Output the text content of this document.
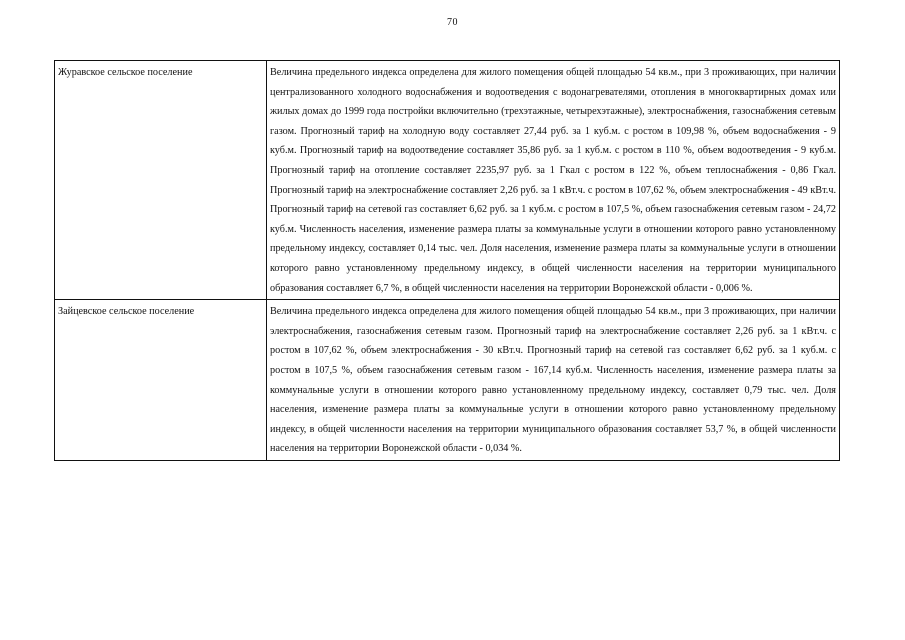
70
Журавское сельское поселение	Величина предельного индекса определена для жилого помещения общей площадью 54 кв.м., при 3 проживающих, при наличии централизованного холодного водоснабжения и водоотведения с водонагревателями, отопления в многоквартирных домах или жилых домах до 1999 года постройки включительно (трехэтажные, четырехэтажные), электроснабжения, газоснабжения сетевым газом. Прогнозный тариф на холодную воду составляет 27,44 руб. за 1 куб.м. с ростом в 109,98 %, объем водоснабжения - 9 куб.м. Прогнозный тариф на водоотведение составляет 35,86 руб. за 1 куб.м. с ростом в 110 %, объем водоотведения - 9 куб.м. Прогнозный тариф на отопление составляет 2235,97 руб. за 1 Гкал с ростом в 122 %, объем теплоснабжения - 0,86 Гкал. Прогнозный тариф на электроснабжение составляет 2,26 руб. за 1 кВт.ч. с ростом в 107,62 %, объем электроснабжения - 49 кВт.ч. Прогнозный тариф на сетевой газ составляет 6,62 руб. за 1 куб.м. с ростом в 107,5 %, объем газоснабжения сетевым газом - 24,72 куб.м. Численность населения, изменение размера платы за коммунальные услуги в отношении которого равно установленному предельному индексу, составляет 0,14 тыс. чел. Доля населения, изменение размера платы за коммунальные услуги в отношении которого равно установленному предельному индексу, в общей численности населения на территории муниципального образования составляет 6,7 %, в общей численности населения на территории Воронежской области - 0,006 %.
Зайцевское сельское поселение	Величина предельного индекса определена для жилого помещения общей площадью 54 кв.м., при 3 проживающих, при наличии электроснабжения, газоснабжения сетевым газом. Прогнозный тариф на электроснабжение составляет 2,26 руб. за 1 кВт.ч. с ростом в 107,62 %, объем электроснабжения - 30 кВт.ч. Прогнозный тариф на сетевой газ составляет 6,62 руб. за 1 куб.м. с ростом в 107,5 %, объем газоснабжения сетевым газом - 167,14 куб.м. Численность населения, изменение размера платы за коммунальные услуги в отношении которого равно установленному предельному индексу, составляет 0,79 тыс. чел. Доля населения, изменение размера платы за коммунальные услуги в отношении которого равно установленному предельному индексу, в общей численности населения на территории муниципального образования составляет 53,7 %, в общей численности населения на территории Воронежской области - 0,034 %.
